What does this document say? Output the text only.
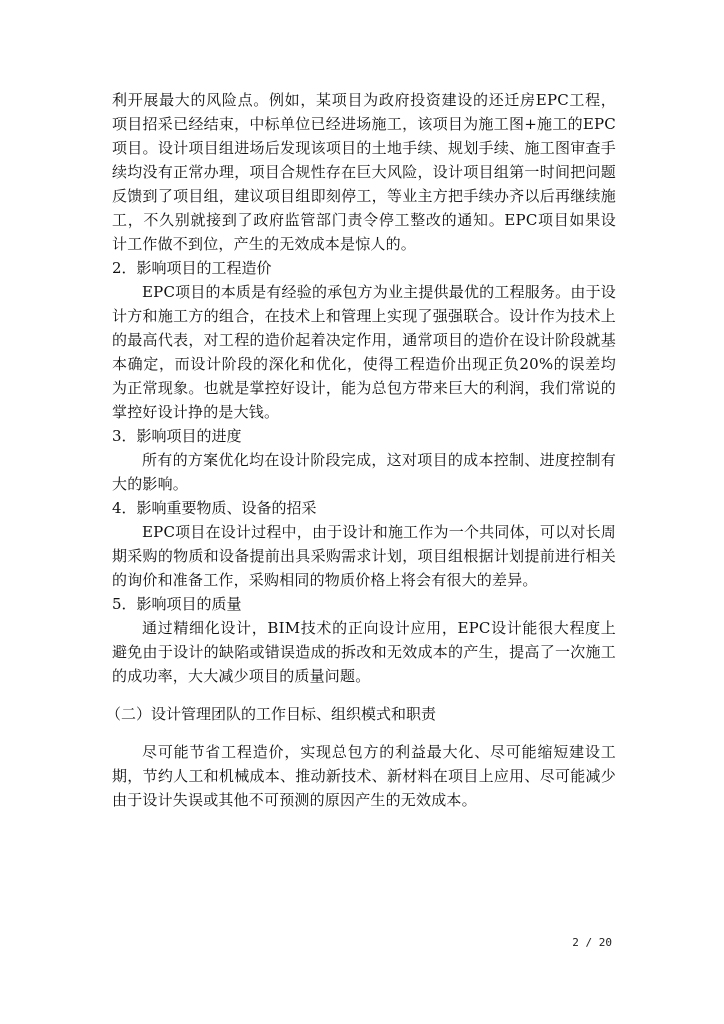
利开展最大的风险点。例如，某项目为政府投资建设的还迁房EPC工程，项目招采已经结束，中标单位已经进场施工，该项目为施工图+施工的EPC项目。设计项目组进场后发现该项目的土地手续、规划手续、施工图审查手续均没有正常办理，项目合规性存在巨大风险，设计项目组第一时间把问题反馈到了项目组，建议项目组即刻停工，等业主方把手续办齐以后再继续施工，不久别就接到了政府监管部门责令停工整改的通知。EPC项目如果设计工作做不到位，产生的无效成本是惊人的。

2．影响项目的工程造价

EPC项目的本质是有经验的承包方为业主提供最优的工程服务。由于设计方和施工方的组合，在技术上和管理上实现了强强联合。设计作为技术上的最高代表，对工程的造价起着决定作用，通常项目的造价在设计阶段就基本确定，而设计阶段的深化和优化，使得工程造价出现正负20%的误差均为正常现象。也就是掌控好设计，能为总包方带来巨大的利润，我们常说的掌控好设计挣的是大钱。

3．影响项目的进度

所有的方案优化均在设计阶段完成，这对项目的成本控制、进度控制有大的影响。

4．影响重要物质、设备的招采

EPC项目在设计过程中，由于设计和施工作为一个共同体，可以对长周期采购的物质和设备提前出具采购需求计划，项目组根据计划提前进行相关的询价和准备工作，采购相同的物质价格上将会有很大的差异。

5．影响项目的质量

通过精细化设计，BIM技术的正向设计应用，EPC设计能很大程度上避免由于设计的缺陷或错误造成的拆改和无效成本的产生，提高了一次施工的成功率，大大减少项目的质量问题。

（二）设计管理团队的工作目标、组织模式和职责

尽可能节省工程造价，实现总包方的利益最大化、尽可能缩短建设工期，节约人工和机械成本、推动新技术、新材料在项目上应用、尽可能减少由于设计失误或其他不可预测的原因产生的无效成本。

2 / 20
